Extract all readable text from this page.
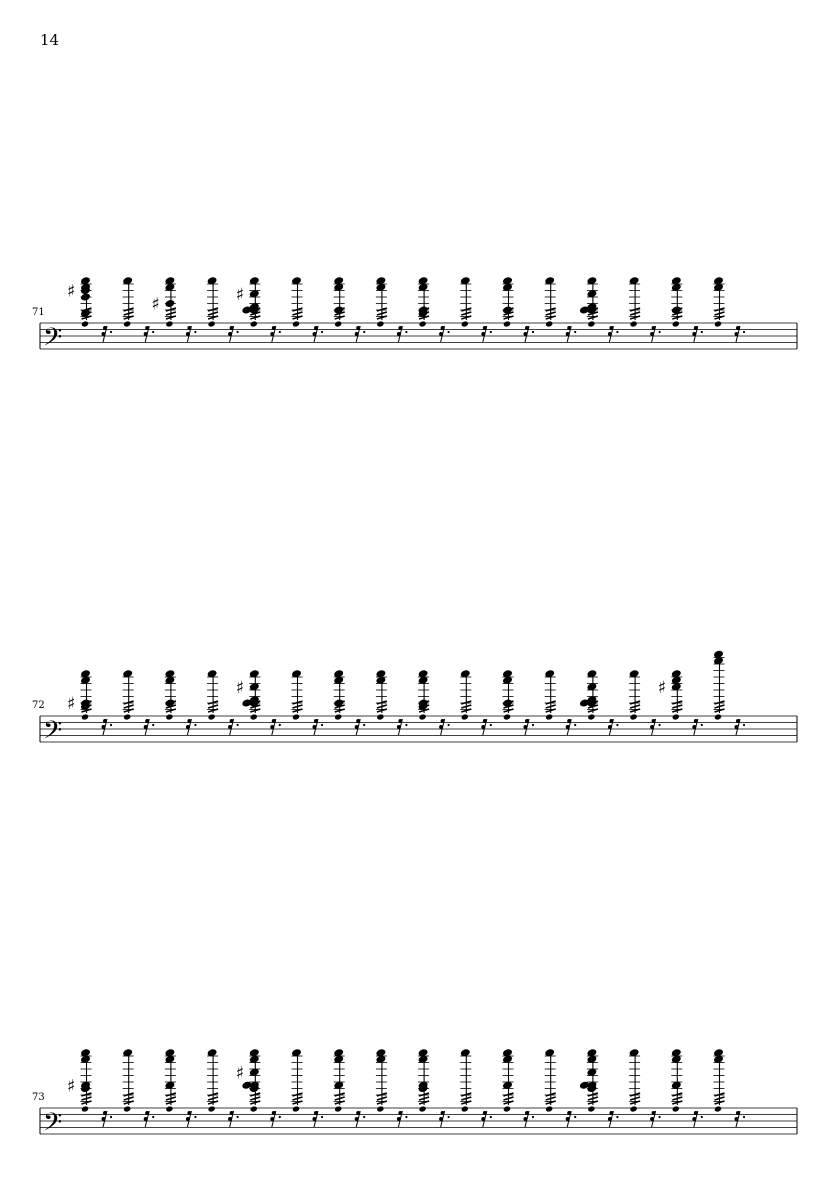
14
71
𝄢
♯
♯	♯
72
𝄢
♯
♯	♯
73
𝄢
♯
♯
